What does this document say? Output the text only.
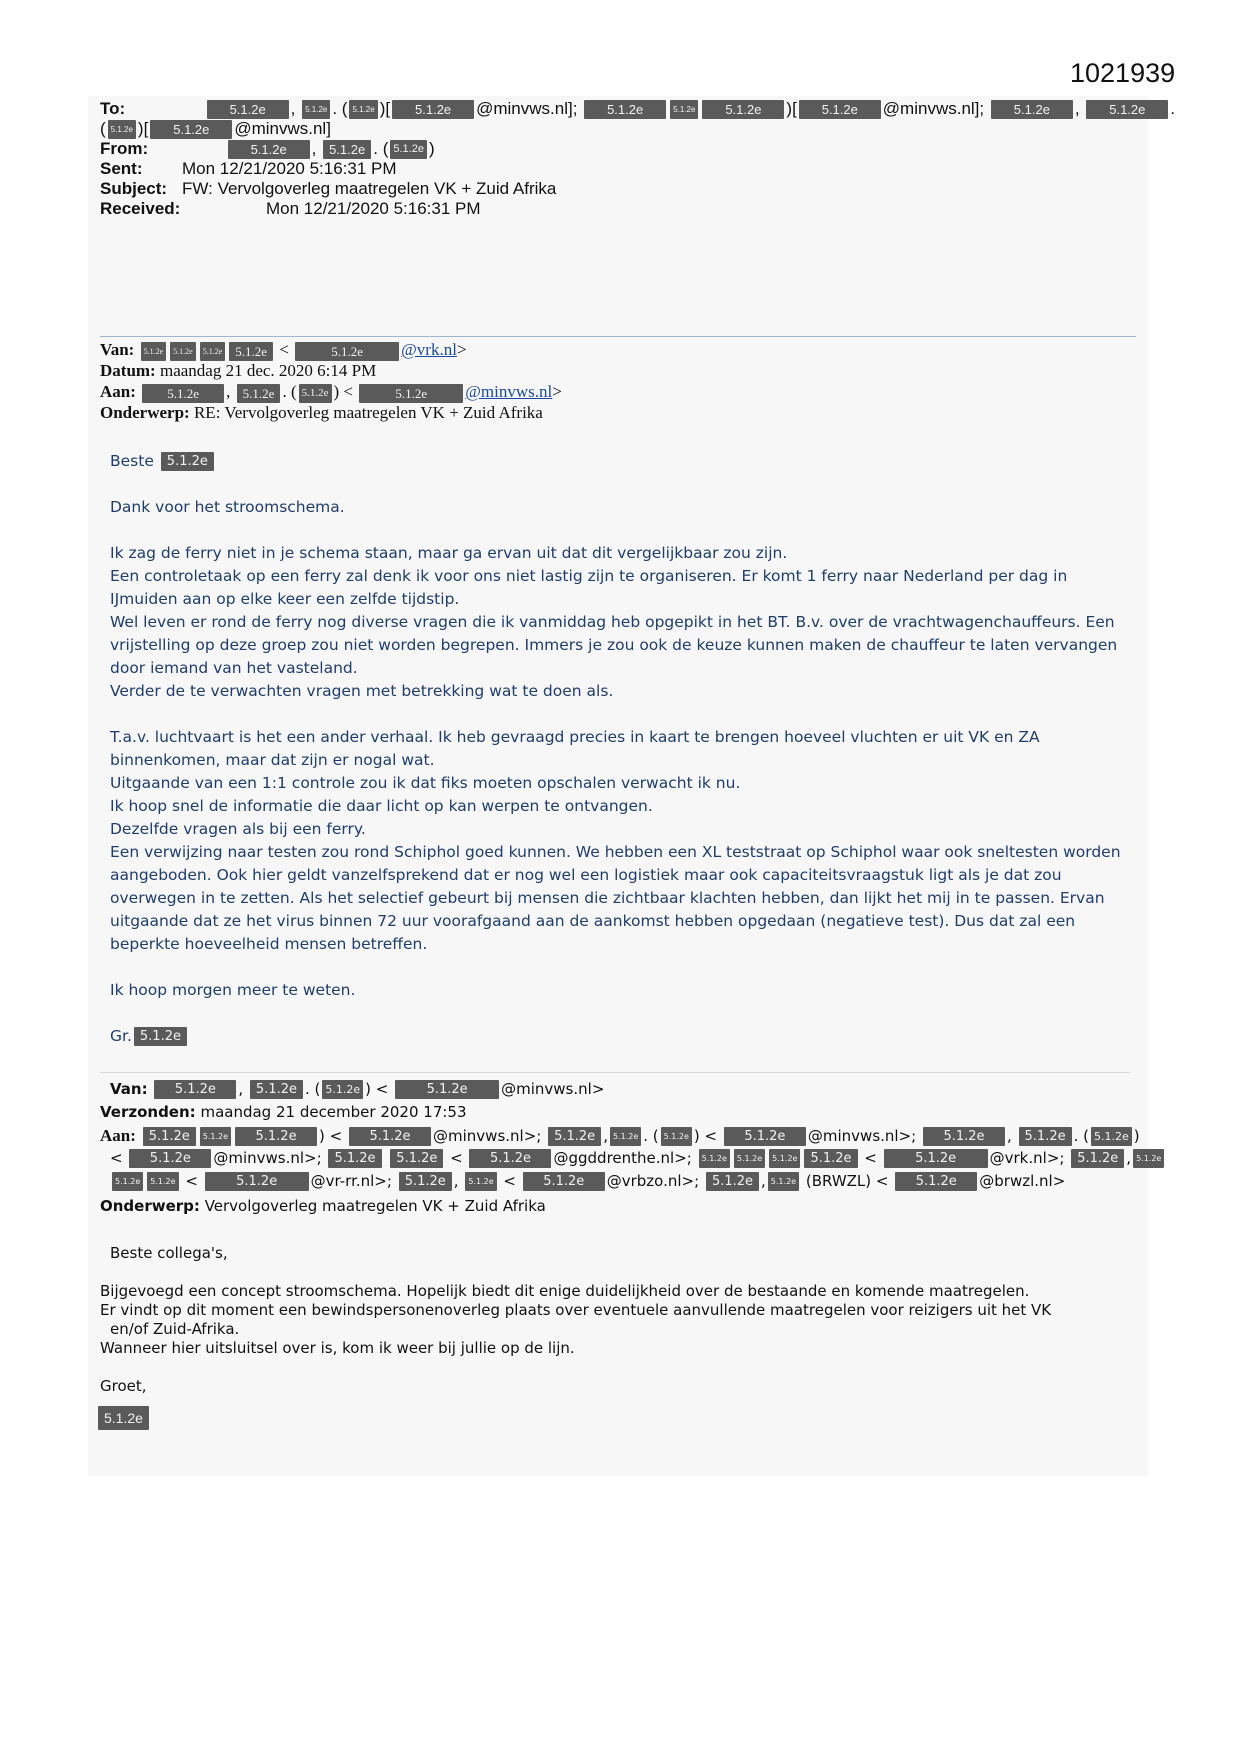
1021939
To:	5.1.2e , 5.1.2e . ( 5.1.2e )[ 5.1.2e @minvws.nl]; 5.1.2e	5.1.2e 5.1.2e )[ 5.1.2e @minvws.nl]; 5.1.2e , 5.1.2e .
( 5.1.2e )[ 5.1.2e @minvws.nl]
From:	5.1.2e , 5.1.2e . ( 5.1.2e )
Sent: Mon 12/21/2020 5:16:31 PM
Subject: FW: Vervolgoverleg maatregelen VK + Zuid Afrika
Received:	Mon 12/21/2020 5:16:31 PM
Van: 5.1.2e 5.1.2e 5.1.2e 5.1.2e <	5.1.2e @vrk.nl>
Datum: maandag 21 dec. 2020 6:14 PM
Aan: 5.1.2e , 5.1.2e . ( 5.1.2e ) <	5.1.2e @minvws.nl>
Onderwerp: RE: Vervolgoverleg maatregelen VK + Zuid Afrika

Beste 5.1.2e

Dank voor het stroomschema.

Ik zag de ferry niet in je schema staan, maar ga ervan uit dat dit vergelijkbaar zou zijn.

Een controletaak op een ferry zal denk ik voor ons niet lastig zijn te organiseren. Er komt 1 ferry naar Nederland per dag in IJmuiden aan op elke keer een zelfde tijdstip.

Wel leven er rond de ferry nog diverse vragen die ik vanmiddag heb opgepikt in het BT. B.v. over de vrachtwagenchauffeurs. Een vrijstelling op deze groep zou niet worden begrepen. Immers je zou ook de keuze kunnen maken de chauffeur te laten vervangen door iemand van het vasteland.

Verder de te verwachten vragen met betrekking wat te doen als.

T.a.v. luchtvaart is het een ander verhaal. Ik heb gevraagd precies in kaart te brengen hoeveel vluchten er uit VK en ZA binnenkomen, maar dat zijn er nogal wat.

Uitgaande van een 1:1 controle zou ik dat fiks moeten opschalen verwacht ik nu.

Ik hoop snel de informatie die daar licht op kan werpen te ontvangen.

Dezelfde vragen als bij een ferry.

Een verwijzing naar testen zou rond Schiphol goed kunnen. We hebben een XL teststraat op Schiphol waar ook sneltesten worden aangeboden. Ook hier geldt vanzelfsprekend dat er nog wel een logistiek maar ook capaciteitsvraagstuk ligt als je dat zou overwegen in te zetten. Als het selectief gebeurt bij mensen die zichtbaar klachten hebben, dan lijkt het mij in te passen. Ervan uitgaande dat ze het virus binnen 72 uur voorafgaand aan de aankomst hebben opgedaan (negatieve test). Dus dat zal een beperkte hoeveelheid mensen betreffen.

Ik hoop morgen meer te weten.

Gr. 5.1.2e

Van: 5.1.2e , 5.1.2e . ( 5.1.2e ) <	5.1.2e @minvws.nl>
Verzonden: maandag 21 december 2020 17:53
Aan: 5.1.2e 5.1.2e 5.1.2e ) < 5.1.2e @minvws.nl>; 5.1.2e , 5.1.2e . ( 5.1.2e ) < 5.1.2e @minvws.nl>; 5.1.2e , 5.1.2e . ( 5.1.2e )
< 5.1.2e @minvws.nl>; 5.1.2e 5.1.2e < 5.1.2e @ggddrenthe.nl>; 5.1.2e 5.1.2e 5.1.2e 5.1.2e <	5.1.2e @vrk.nl>; 5.1.2e , 5.1.2e
5.1.2e 5.1.2e <	5.1.2e @vr-rr.nl>; 5.1.2e , 5.1.2e < 5.1.2e @vrbzo.nl>; 5.1.2e , 5.1.2e (BRWZL) < 5.1.2e @brwzl.nl>
Onderwerp: Vervolgoverleg maatregelen VK + Zuid Afrika
Beste collega's,
Bijgevoegd een concept stroomschema. Hopelijk biedt dit enige duidelijkheid over de bestaande en komende maatregelen.
Er vindt op dit moment een bewindspersonenoverleg plaats over eventuele aanvullende maatregelen voor reizigers uit het VK
en/of Zuid-Afrika.
Wanneer hier uitsluitsel over is, kom ik weer bij jullie op de lijn.
Groet,
5.1.2e
